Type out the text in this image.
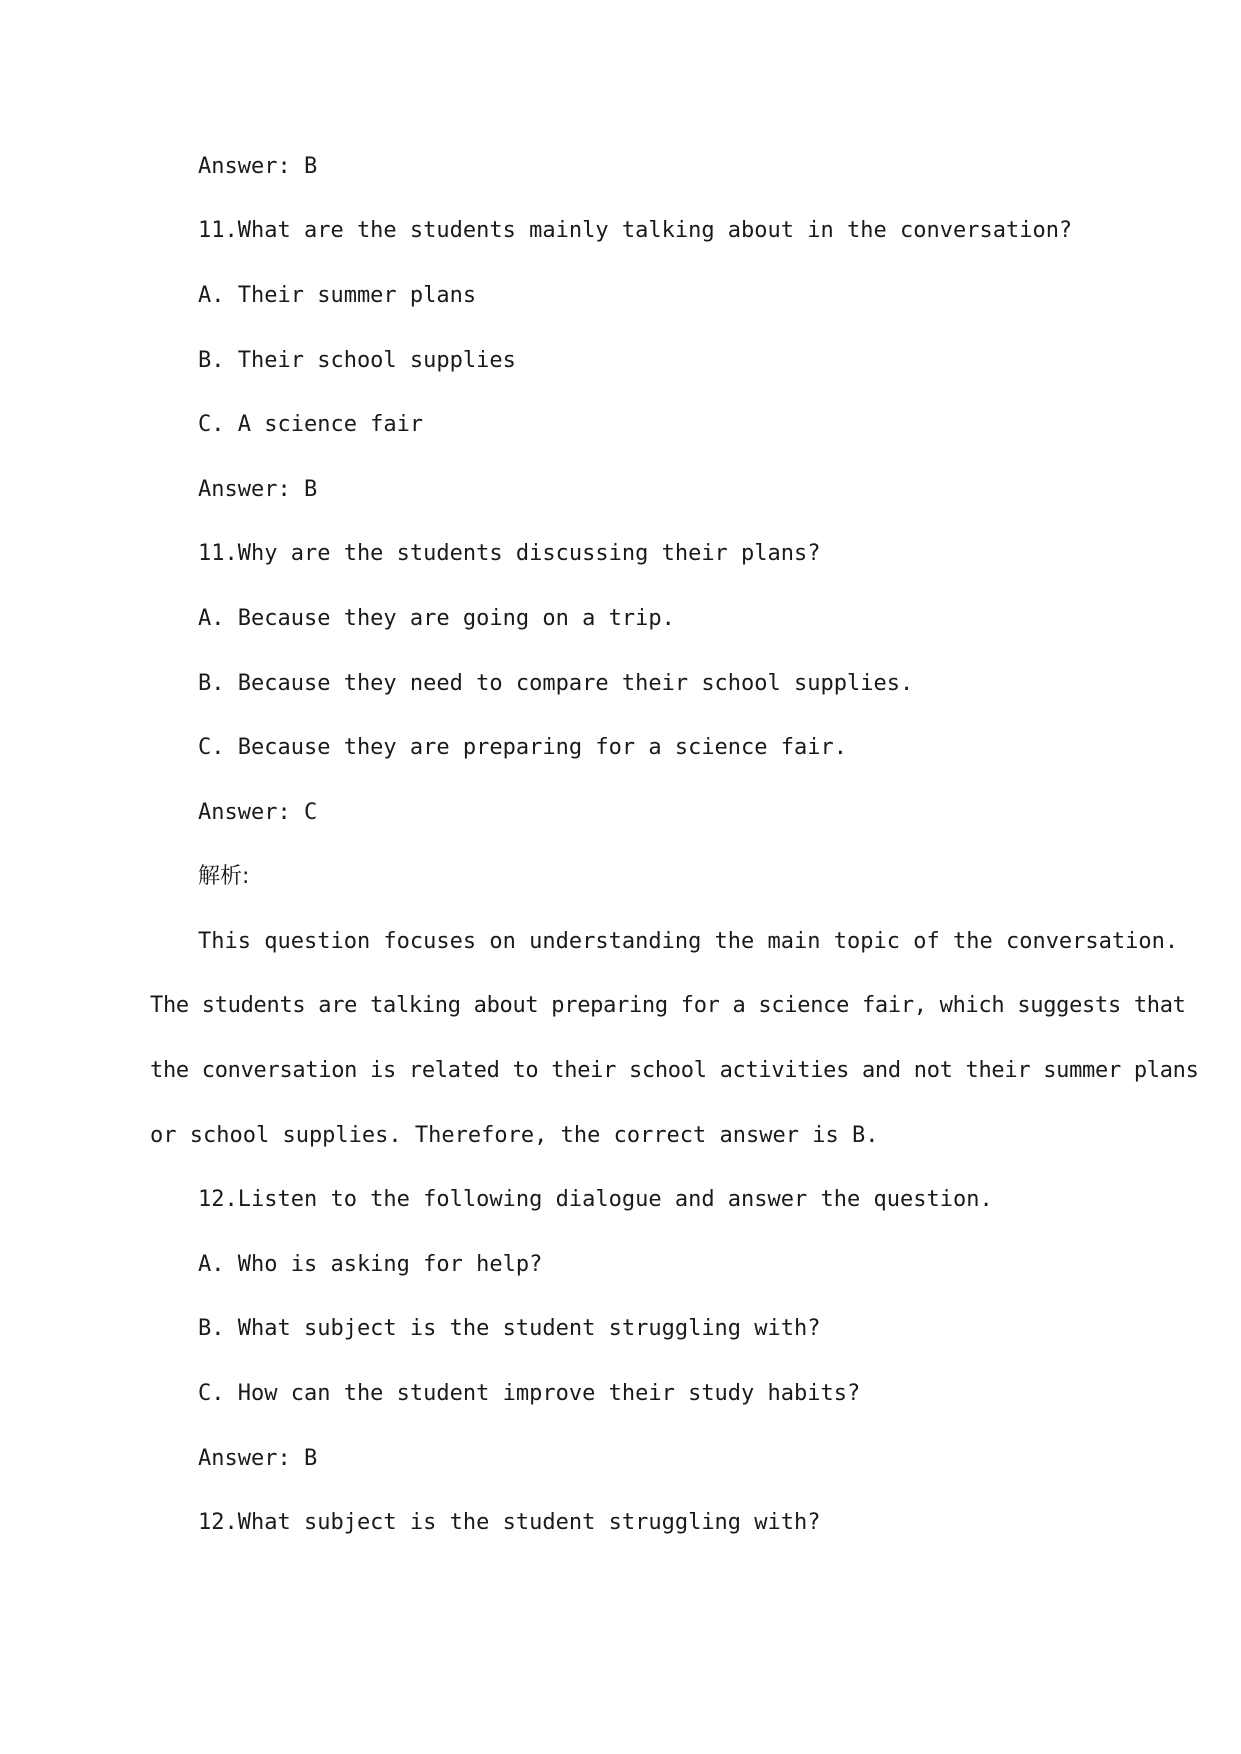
Answer: B
11.What are the students mainly talking about in the conversation?
A. Their summer plans
B. Their school supplies
C. A science fair
Answer: B
11.Why are the students discussing their plans?
A. Because they are going on a trip.
B. Because they need to compare their school supplies.
C. Because they are preparing for a science fair.
Answer: C
解析:
This question focuses on understanding the main topic of the conversation.
The students are talking about preparing for a science fair, which suggests that
the conversation is related to their school activities and not their summer plans
or school supplies. Therefore, the correct answer is B.
12.Listen to the following dialogue and answer the question.
A. Who is asking for help?
B. What subject is the student struggling with?
C. How can the student improve their study habits?
Answer: B
12.What subject is the student struggling with?
